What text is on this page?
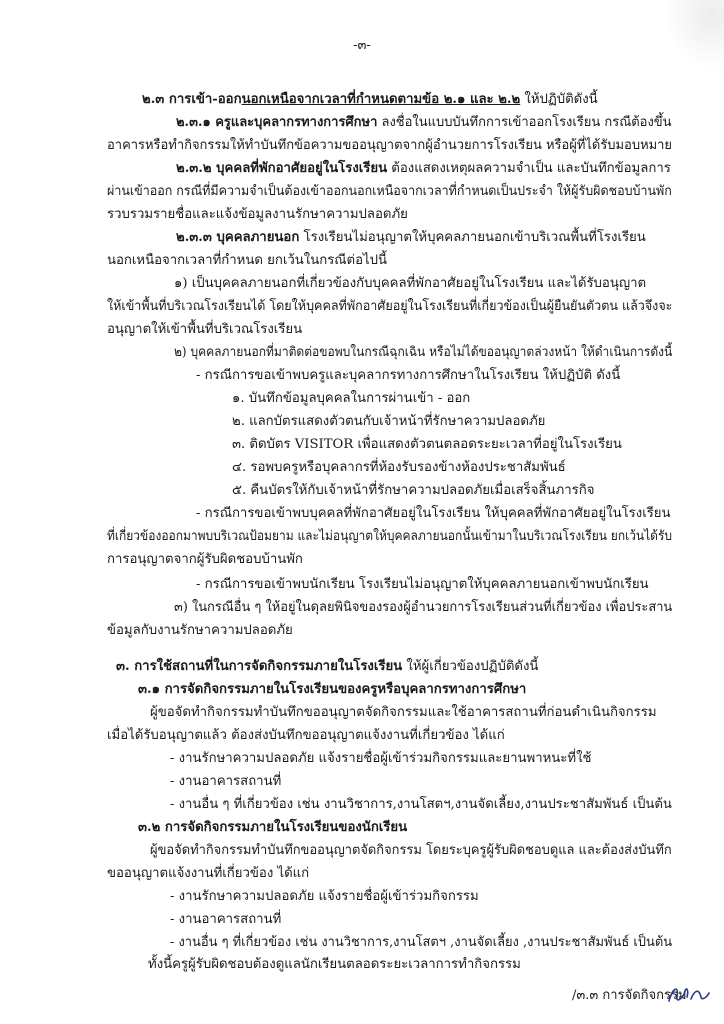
-๓-
๒.๓ การเข้า-ออกนอกเหนือจากเวลาที่กำหนดตามข้อ ๒.๑ และ ๒.๒ ให้ปฏิบัติดังนี้
๒.๓.๑ ครูและบุคลากรทางการศึกษา ลงชื่อในแบบบันทึกการเข้าออกโรงเรียน กรณีต้องขึ้น
อาคารหรือทำกิจกรรมให้ทำบันทึกข้อความขออนุญาตจากผู้อำนวยการโรงเรียน หรือผู้ที่ได้รับมอบหมาย
๒.๓.๒ บุคคลที่พักอาศัยอยู่ในโรงเรียน ต้องแสดงเหตุผลความจำเป็น และบันทึกข้อมูลการ
ผ่านเข้าออก กรณีที่มีความจำเป็นต้องเข้าออกนอกเหนือจากเวลาที่กำหนดเป็นประจำ ให้ผู้รับผิดชอบบ้านพัก
รวบรวมรายชื่อและแจ้งข้อมูลงานรักษาความปลอดภัย
๒.๓.๓ บุคคลภายนอก โรงเรียนไม่อนุญาตให้บุคคลภายนอกเข้าบริเวณพื้นที่โรงเรียน
นอกเหนือจากเวลาที่กำหนด ยกเว้นในกรณีต่อไปนี้
๑) เป็นบุคคลภายนอกที่เกี่ยวข้องกับบุคคลที่พักอาศัยอยู่ในโรงเรียน และได้รับอนุญาต
ให้เข้าพื้นที่บริเวณโรงเรียนได้ โดยให้บุคคลที่พักอาศัยอยู่ในโรงเรียนที่เกี่ยวข้องเป็นผู้ยืนยันตัวตน แล้วจึงจะ
อนุญาตให้เข้าพื้นที่บริเวณโรงเรียน
๒) บุคคลภายนอกที่มาติดต่อขอพบในกรณีฉุกเฉิน หรือไม่ได้ขออนุญาตล่วงหน้า ให้ดำเนินการดังนี้
- กรณีการขอเข้าพบครูและบุคลากรทางการศึกษาในโรงเรียน ให้ปฏิบัติ ดังนี้
๑. บันทึกข้อมูลบุคคลในการผ่านเข้า - ออก
๒. แลกบัตรแสดงตัวตนกับเจ้าหน้าที่รักษาความปลอดภัย
๓. ติดบัตร VISITOR เพื่อแสดงตัวตนตลอดระยะเวลาที่อยู่ในโรงเรียน
๔. รอพบครูหรือบุคลากรที่ห้องรับรองข้างห้องประชาสัมพันธ์
๕. คืนบัตรให้กับเจ้าหน้าที่รักษาความปลอดภัยเมื่อเสร็จสิ้นภารกิจ
- กรณีการขอเข้าพบบุคคลที่พักอาศัยอยู่ในโรงเรียน ให้บุคคลที่พักอาศัยอยู่ในโรงเรียน
ที่เกี่ยวข้องออกมาพบบริเวณป้อมยาม และไม่อนุญาตให้บุคคลภายนอกนั้นเข้ามาในบริเวณโรงเรียน ยกเว้นได้รับ
การอนุญาตจากผู้รับผิดชอบบ้านพัก
- กรณีการขอเข้าพบนักเรียน โรงเรียนไม่อนุญาตให้บุคคลภายนอกเข้าพบนักเรียน
๓) ในกรณีอื่น ๆ ให้อยู่ในดุลยพินิจของรองผู้อำนวยการโรงเรียนส่วนที่เกี่ยวข้อง เพื่อประสาน
ข้อมูลกับงานรักษาความปลอดภัย
๓. การใช้สถานที่ในการจัดกิจกรรมภายในโรงเรียน ให้ผู้เกี่ยวข้องปฏิบัติดังนี้
๓.๑ การจัดกิจกรรมภายในโรงเรียนของครูหรือบุคลากรทางการศึกษา
ผู้ขอจัดทำกิจกรรมทำบันทึกขออนุญาตจัดกิจกรรมและใช้อาคารสถานที่ก่อนดำเนินกิจกรรม
เมื่อได้รับอนุญาตแล้ว ต้องส่งบันทึกขออนุญาตแจ้งงานที่เกี่ยวข้อง ได้แก่
- งานรักษาความปลอดภัย แจ้งรายชื่อผู้เข้าร่วมกิจกรรมและยานพาหนะที่ใช้
- งานอาคารสถานที่
- งานอื่น ๆ ที่เกี่ยวข้อง เช่น งานวิชาการ,งานโสตฯ,งานจัดเลี้ยง,งานประชาสัมพันธ์ เป็นต้น
๓.๒ การจัดกิจกรรมภายในโรงเรียนของนักเรียน
ผู้ขอจัดทำกิจกรรมทำบันทึกขออนุญาตจัดกิจกรรม โดยระบุครูผู้รับผิดชอบดูแล และต้องส่งบันทึก
ขออนุญาตแจ้งงานที่เกี่ยวข้อง ได้แก่
- งานรักษาความปลอดภัย แจ้งรายชื่อผู้เข้าร่วมกิจกรรม
- งานอาคารสถานที่
- งานอื่น ๆ ที่เกี่ยวข้อง เช่น งานวิชาการ,งานโสตฯ ,งานจัดเลี้ยง ,งานประชาสัมพันธ์ เป็นต้น
ทั้งนี้ครูผู้รับผิดชอบต้องดูแลนักเรียนตลอดระยะเวลาการทำกิจกรรม
/๓.๓ การจัดกิจกรรม
